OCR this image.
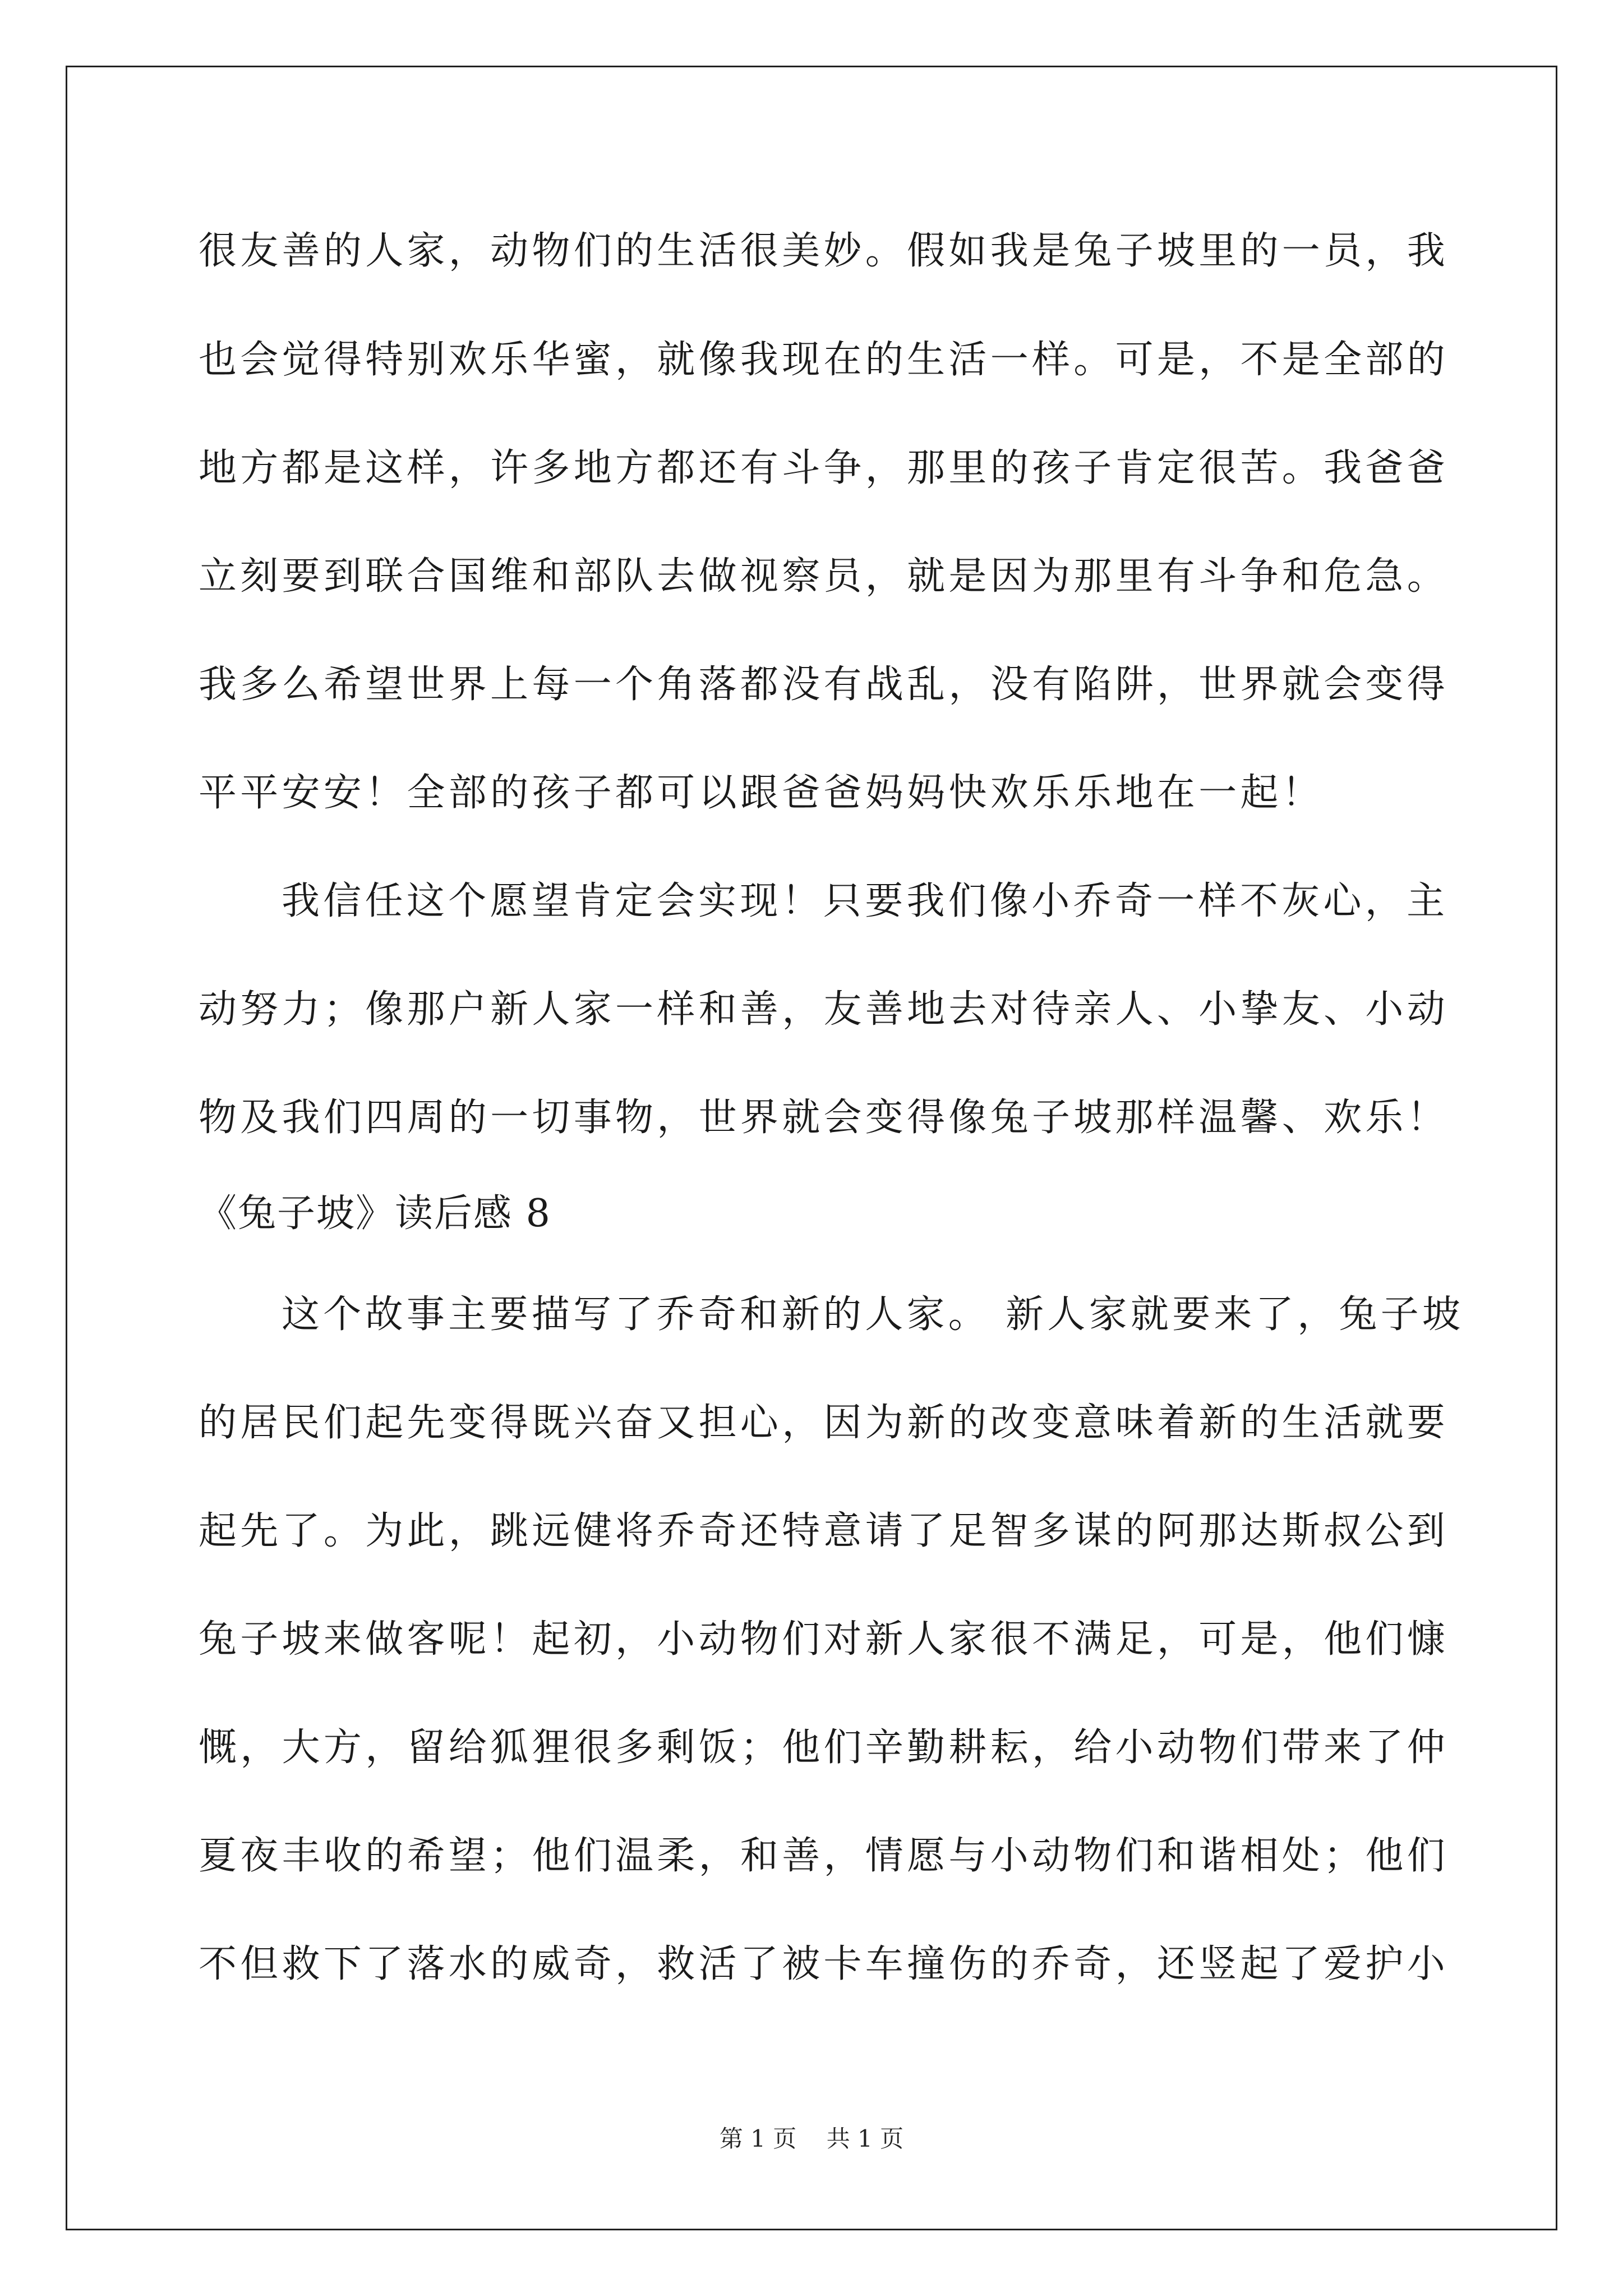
很友善的人家，动物们的生活很美妙。假如我是兔子坡里的一员，我
也会觉得特别欢乐华蜜，就像我现在的生活一样。可是，不是全部的
地方都是这样，许多地方都还有斗争，那里的孩子肯定很苦。我爸爸
立刻要到联合国维和部队去做视察员，就是因为那里有斗争和危急。
我多么希望世界上每一个角落都没有战乱，没有陷阱，世界就会变得
平平安安！全部的孩子都可以跟爸爸妈妈快欢乐乐地在一起！
我信任这个愿望肯定会实现！只要我们像小乔奇一样不灰心，主
动努力；像那户新人家一样和善，友善地去对待亲人、小挚友、小动
物及我们四周的一切事物，世界就会变得像兔子坡那样温馨、欢乐！
《兔子坡》读后感 8
这个故事主要描写了乔奇和新的人家。 新人家就要来了，兔子坡
的居民们起先变得既兴奋又担心，因为新的改变意味着新的生活就要
起先了。为此，跳远健将乔奇还特意请了足智多谋的阿那达斯叔公到
兔子坡来做客呢！起初，小动物们对新人家很不满足，可是，他们慷
慨，大方，留给狐狸很多剩饭；他们辛勤耕耘，给小动物们带来了仲
夏夜丰收的希望；他们温柔，和善，情愿与小动物们和谐相处；他们
不但救下了落水的威奇，救活了被卡车撞伤的乔奇，还竖起了爱护小
第 1 页    共 1 页
